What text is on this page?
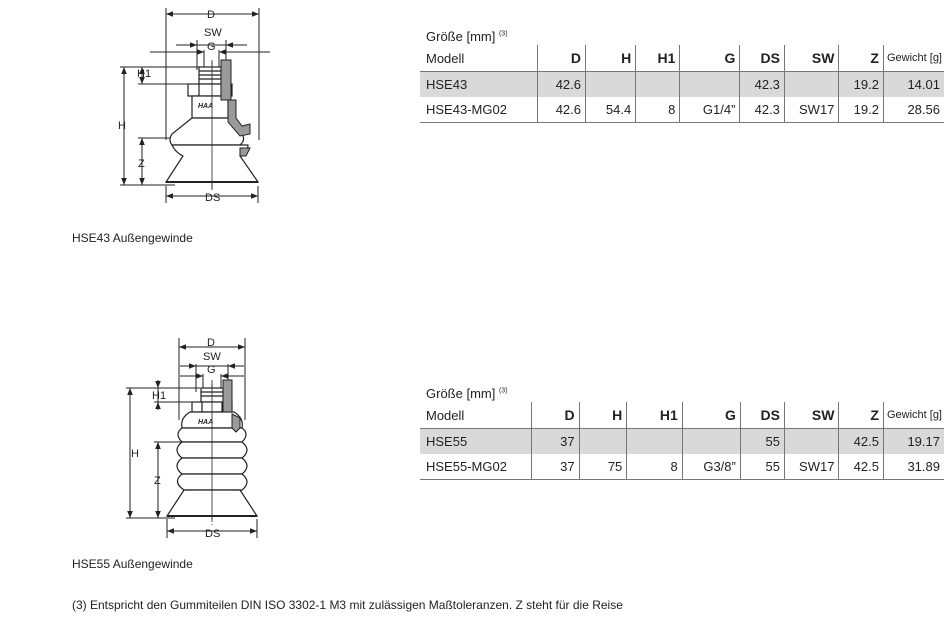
HAA
D
SW
G
H1
H
Z
DS
HSE43 Außengewinde
Größe [mm] $^{(3)}$
Modell	D	H	H1	G	DS	SW	Z	Gewicht [g]
HSE43	42.6				42.3		19.2	14.01
HSE43-MG02	42.6	54.4	8	G1/4”	42.3	SW17	19.2	28.56
HAA
D
SW
G
H1
H
Z
DS
HSE55 Außengewinde
Größe [mm] $^{(3)}$
Modell	D	H	H1	G	DS	SW	Z	Gewicht [g]
HSE55	37				55		42.5	19.17
HSE55-MG02	37	75	8	G3/8”	55	SW17	42.5	31.89
(3) Entspricht den Gummiteilen DIN ISO 3302-1 M3 mit zulässigen Maßtoleranzen. Z steht für die Reise
